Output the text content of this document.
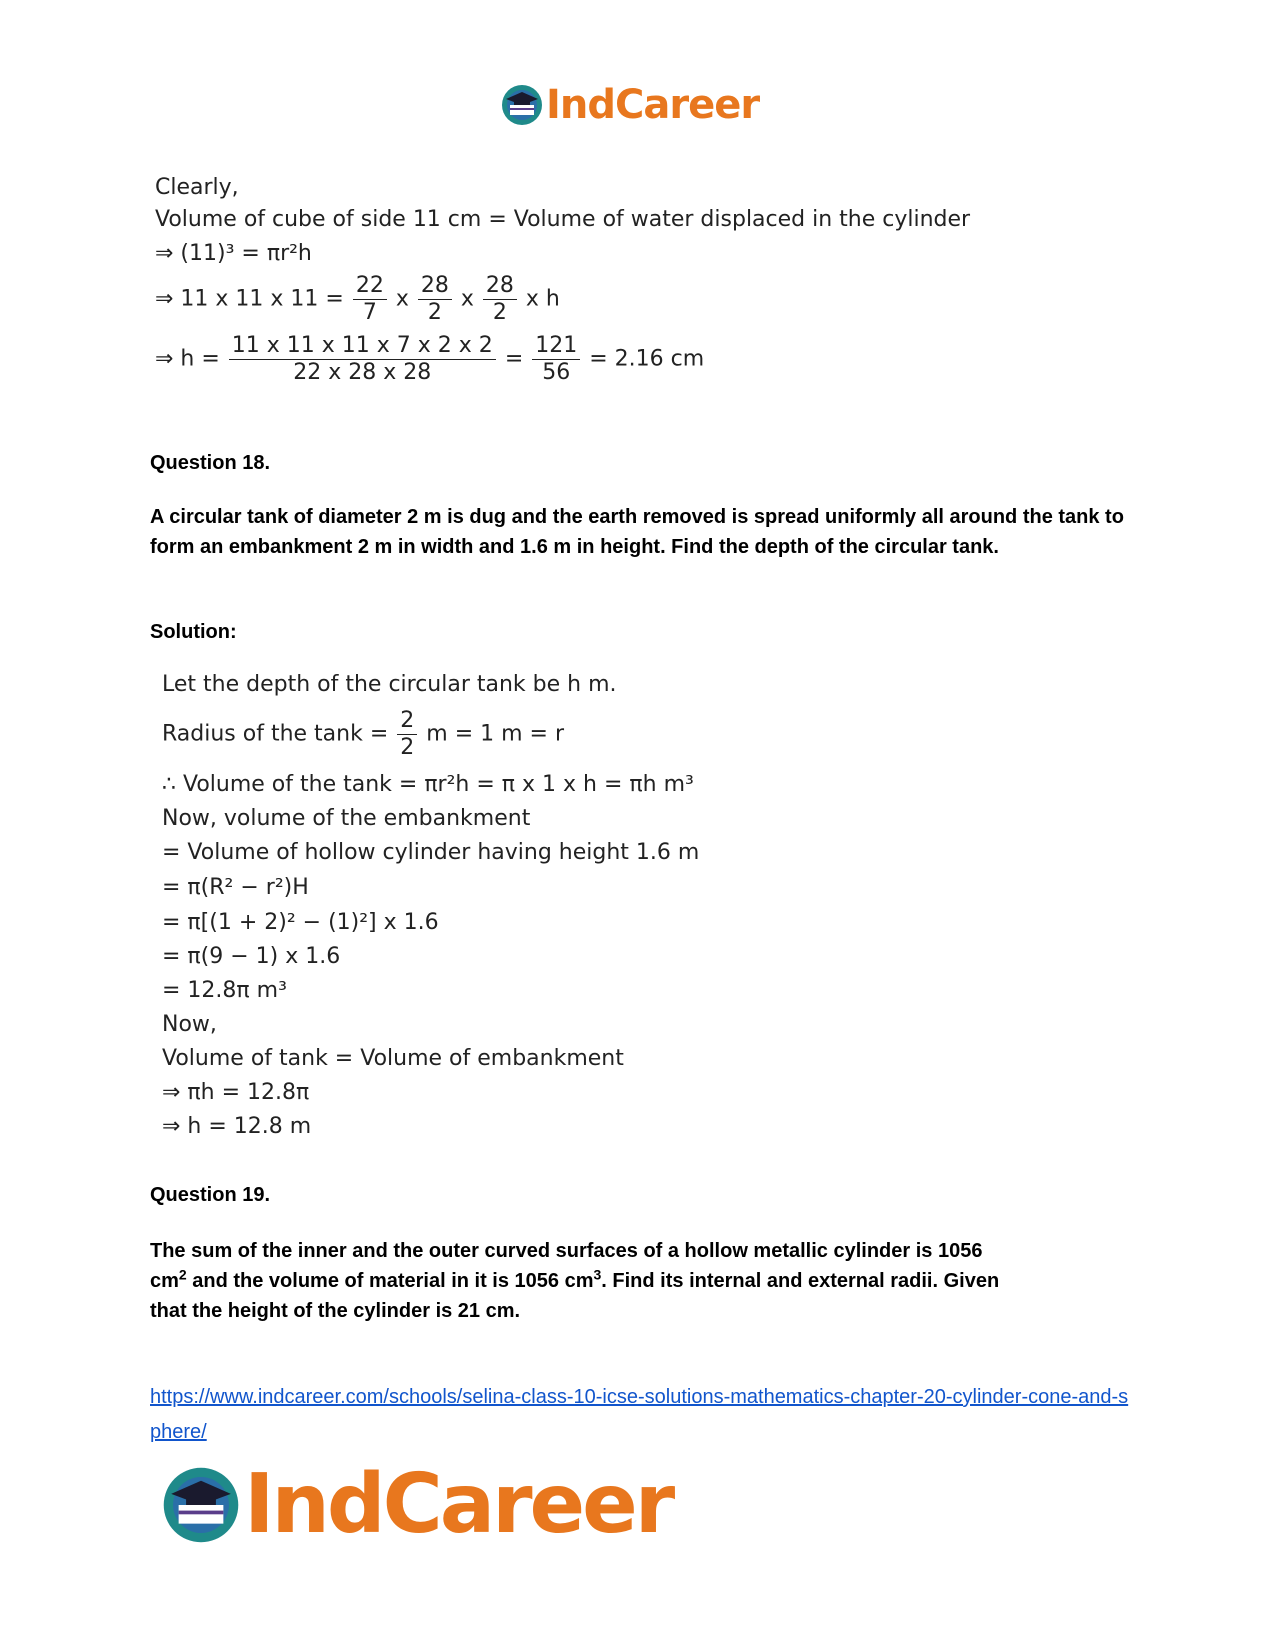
IndCareer
Clearly,
Volume of cube of side 11 cm = Volume of water displaced in the cylinder
⇒ (11)³ = πr²h
⇒ 11 x 11 x $11 = \frac{22}{7}$ x $\frac{28}{2}$ x $\frac{28}{2}$ x h
⇒ $h = \frac{11 x 11 x 11 x 7 x 2 x 2}{22 x 28 x 28} = \frac{121}{56} = 2.16$ cm
Question 18.
A circular tank of diameter 2 m is dug and the earth removed is spread uniformly all around the tank to form an embankment 2 m in width and 1.6 m in height. Find the depth of the circular tank.
Solution:
Let the depth of the circular tank be h m.
Radius of the $\tan k = \frac{2}{2}$ m = 1 m = r
∴ Volume of the tank = πr²h = π x 1 x h = πh m³
Now, volume of the embankment
= Volume of hollow cylinder having height 1.6 m
= π(R² − r²)H
= π[(1 + 2)² − (1)²] x 1.6
= π(9 − 1) x 1.6
= 12.8π m³
Now,
Volume of tank = Volume of embankment
⇒ πh = 12.8π
⇒ h = 12.8 m
Question 19.
The sum of the inner and the outer curved surfaces of a hollow metallic cylinder is 1056
$cm^2$ and the volume of material in it is 1056 $cm^3$. Find its internal and external radii. Given
that the height of the cylinder is 21 cm.
https://www.indcareer.com/schools/selina-class-10-icse-solutions-mathematics-chapter-20-cylinder-cone-and-sphere/
IndCareer
